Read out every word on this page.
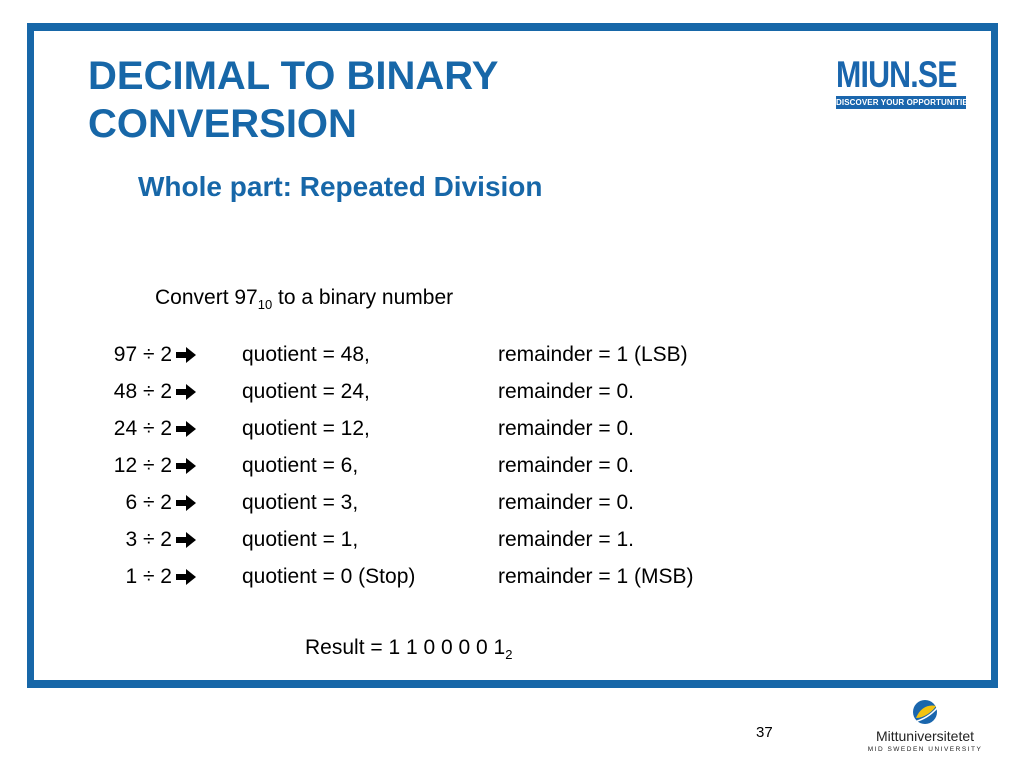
DECIMAL TO BINARY CONVERSION
MIUN.SE
DISCOVER YOUR OPPORTUNITIES
Whole part: Repeated Division
Convert $97_{10}$ to a binary number
97 ÷ 2	quotient = 48,	remainder = 1 (LSB)
48 ÷ 2	quotient = 24,	remainder = 0.
24 ÷ 2	quotient = 12,	remainder = 0.
12 ÷ 2	quotient = 6,	remainder = 0.
6 ÷ 2	quotient = 3,	remainder = 0.
3 ÷ 2	quotient = 1,	remainder = 1.
1 ÷ 2	quotient = 0 (Stop)	remainder = 1 (MSB)
Result = 1 1 0 0 0 0 $1_2$
37	Mittuniversitetet
MID SWEDEN UNIVERSITY
